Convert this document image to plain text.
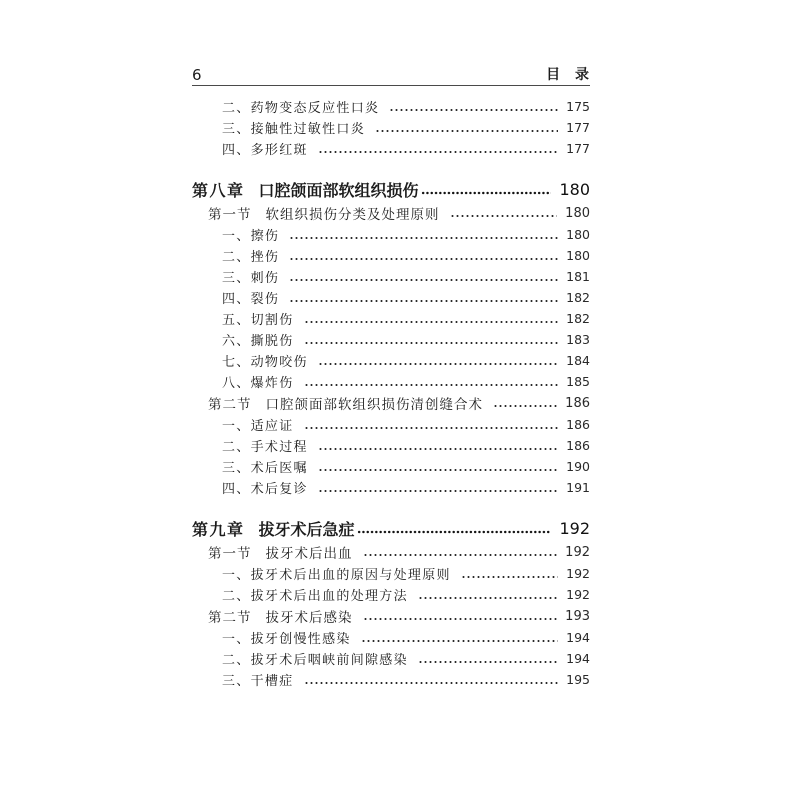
6	目 录
二、药物变态反应性口炎	175
三、接触性过敏性口炎	177
四、多形红斑	177
第八章 口腔颌面部软组织损伤	180
第一节 软组织损伤分类及处理原则	180
一、擦伤	180
二、挫伤	180
三、刺伤	181
四、裂伤	182
五、切割伤	182
六、撕脱伤	183
七、动物咬伤	184
八、爆炸伤	185
第二节 口腔颌面部软组织损伤清创缝合术	186
一、适应证	186
二、手术过程	186
三、术后医嘱	190
四、术后复诊	191
第九章 拔牙术后急症	192
第一节 拔牙术后出血	192
一、拔牙术后出血的原因与处理原则	192
二、拔牙术后出血的处理方法	192
第二节 拔牙术后感染	193
一、拔牙创慢性感染	194
二、拔牙术后咽峡前间隙感染	194
三、干槽症	195
